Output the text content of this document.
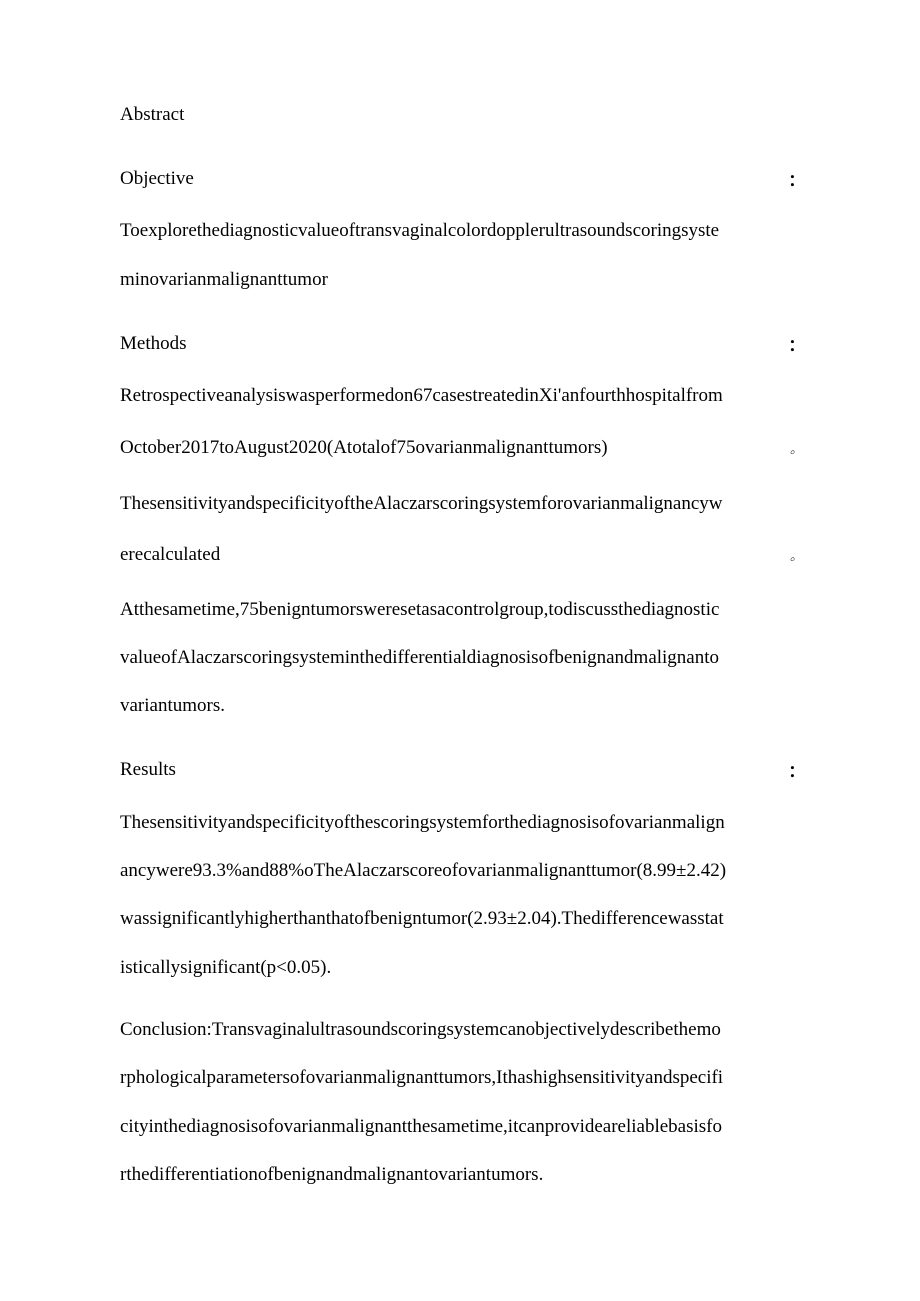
Abstract
Objective	：
Toexplorethediagnosticvalueoftransvaginalcolordopplerultrasoundscoringsyste
minovarianmalignanttumor
Methods	：
Retrospectiveanalysiswasperformedon67casestreatedinXi'anfourthhospitalfrom
October2017toAugust2020(Atotalof75ovarianmalignanttumors)	。
ThesensitivityandspecificityoftheAlaczarscoringsystemforovarianmalignancyw
erecalculated	。
Atthesametime,75benigntumorsweresetasacontrolgroup,todiscussthediagnostic
valueofAlaczarscoringsysteminthedifferentialdiagnosisofbenignandmalignanto
variantumors.
Results	：
Thesensitivityandspecificityofthescoringsystemforthediagnosisofovarianmalign
ancywere93.3%and88%oTheAlaczarscoreofovarianmalignanttumor(8.99±2.42)
wassignificantlyhigherthanthatofbenigntumor(2.93±2.04).Thedifferencewasstat
isticallysignificant(p<0.05).
Conclusion:Transvaginalultrasoundscoringsystemcanobjectivelydescribethemo
rphologicalparametersofovarianmalignanttumors,Ithashighsensitivityandspecifi
cityinthediagnosisofovarianmalignantthesametime,itcanprovideareliablebasisfo
rthedifferentiationofbenignandmalignantovariantumors.
